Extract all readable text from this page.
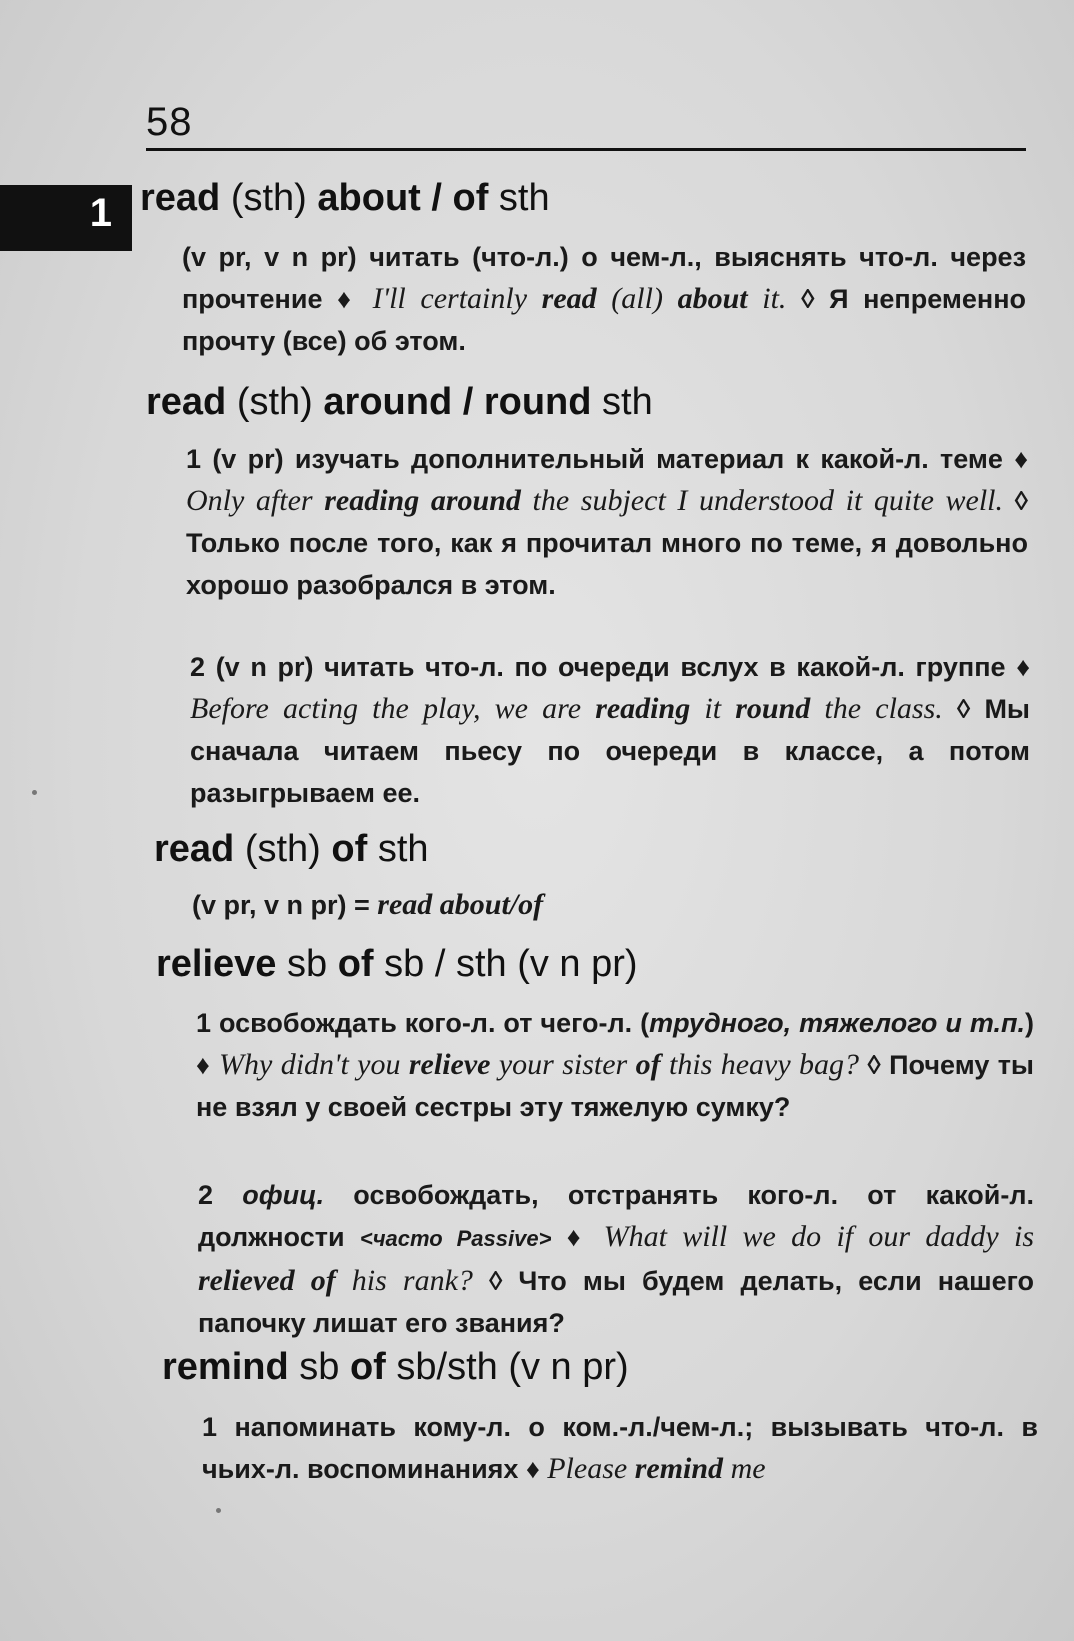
58
1 read (sth) about / of sth
(v pr, v n pr) читать (что-л.) о чем-л., выяснять что-л. через прочтение ♦ I'll certainly read (all) about it. ◊ Я непременно прочту (все) об этом.
read (sth) around / round sth
1 (v pr) изучать дополнительный материал к какой-л. теме ♦ Only after reading around the subject I understood it quite well. ◊ Только после того, как я прочитал много по теме, я довольно хорошо разобрался в этом.
2 (v n pr) читать что-л. по очереди вслух в какой-л. группе ♦ Before acting the play, we are reading it round the class. ◊ Мы сначала читаем пьесу по очереди в классе, а потом разыгрываем ее.
read (sth) of sth
(v pr, v n pr) = read about/of
relieve sb of sb / sth (v n pr)
1 освобождать кого-л. от чего-л. (трудного, тяжелого и т.п.) ♦ Why didn't you relieve your sister of this heavy bag? ◊ Почему ты не взял у своей сестры эту тяжелую сумку?
2 офиц. освобождать, отстранять кого-л. от какой-л. должности <часто Passive> ♦ What will we do if our daddy is relieved of his rank? ◊ Что мы будем делать, если нашего папочку лишат его звания?
remind sb of sb/sth (v n pr)
1 напоминать кому-л. о ком.-л./чем-л.; вызывать что-л. в чьих-л. воспоминаниях ♦ Please remind me
